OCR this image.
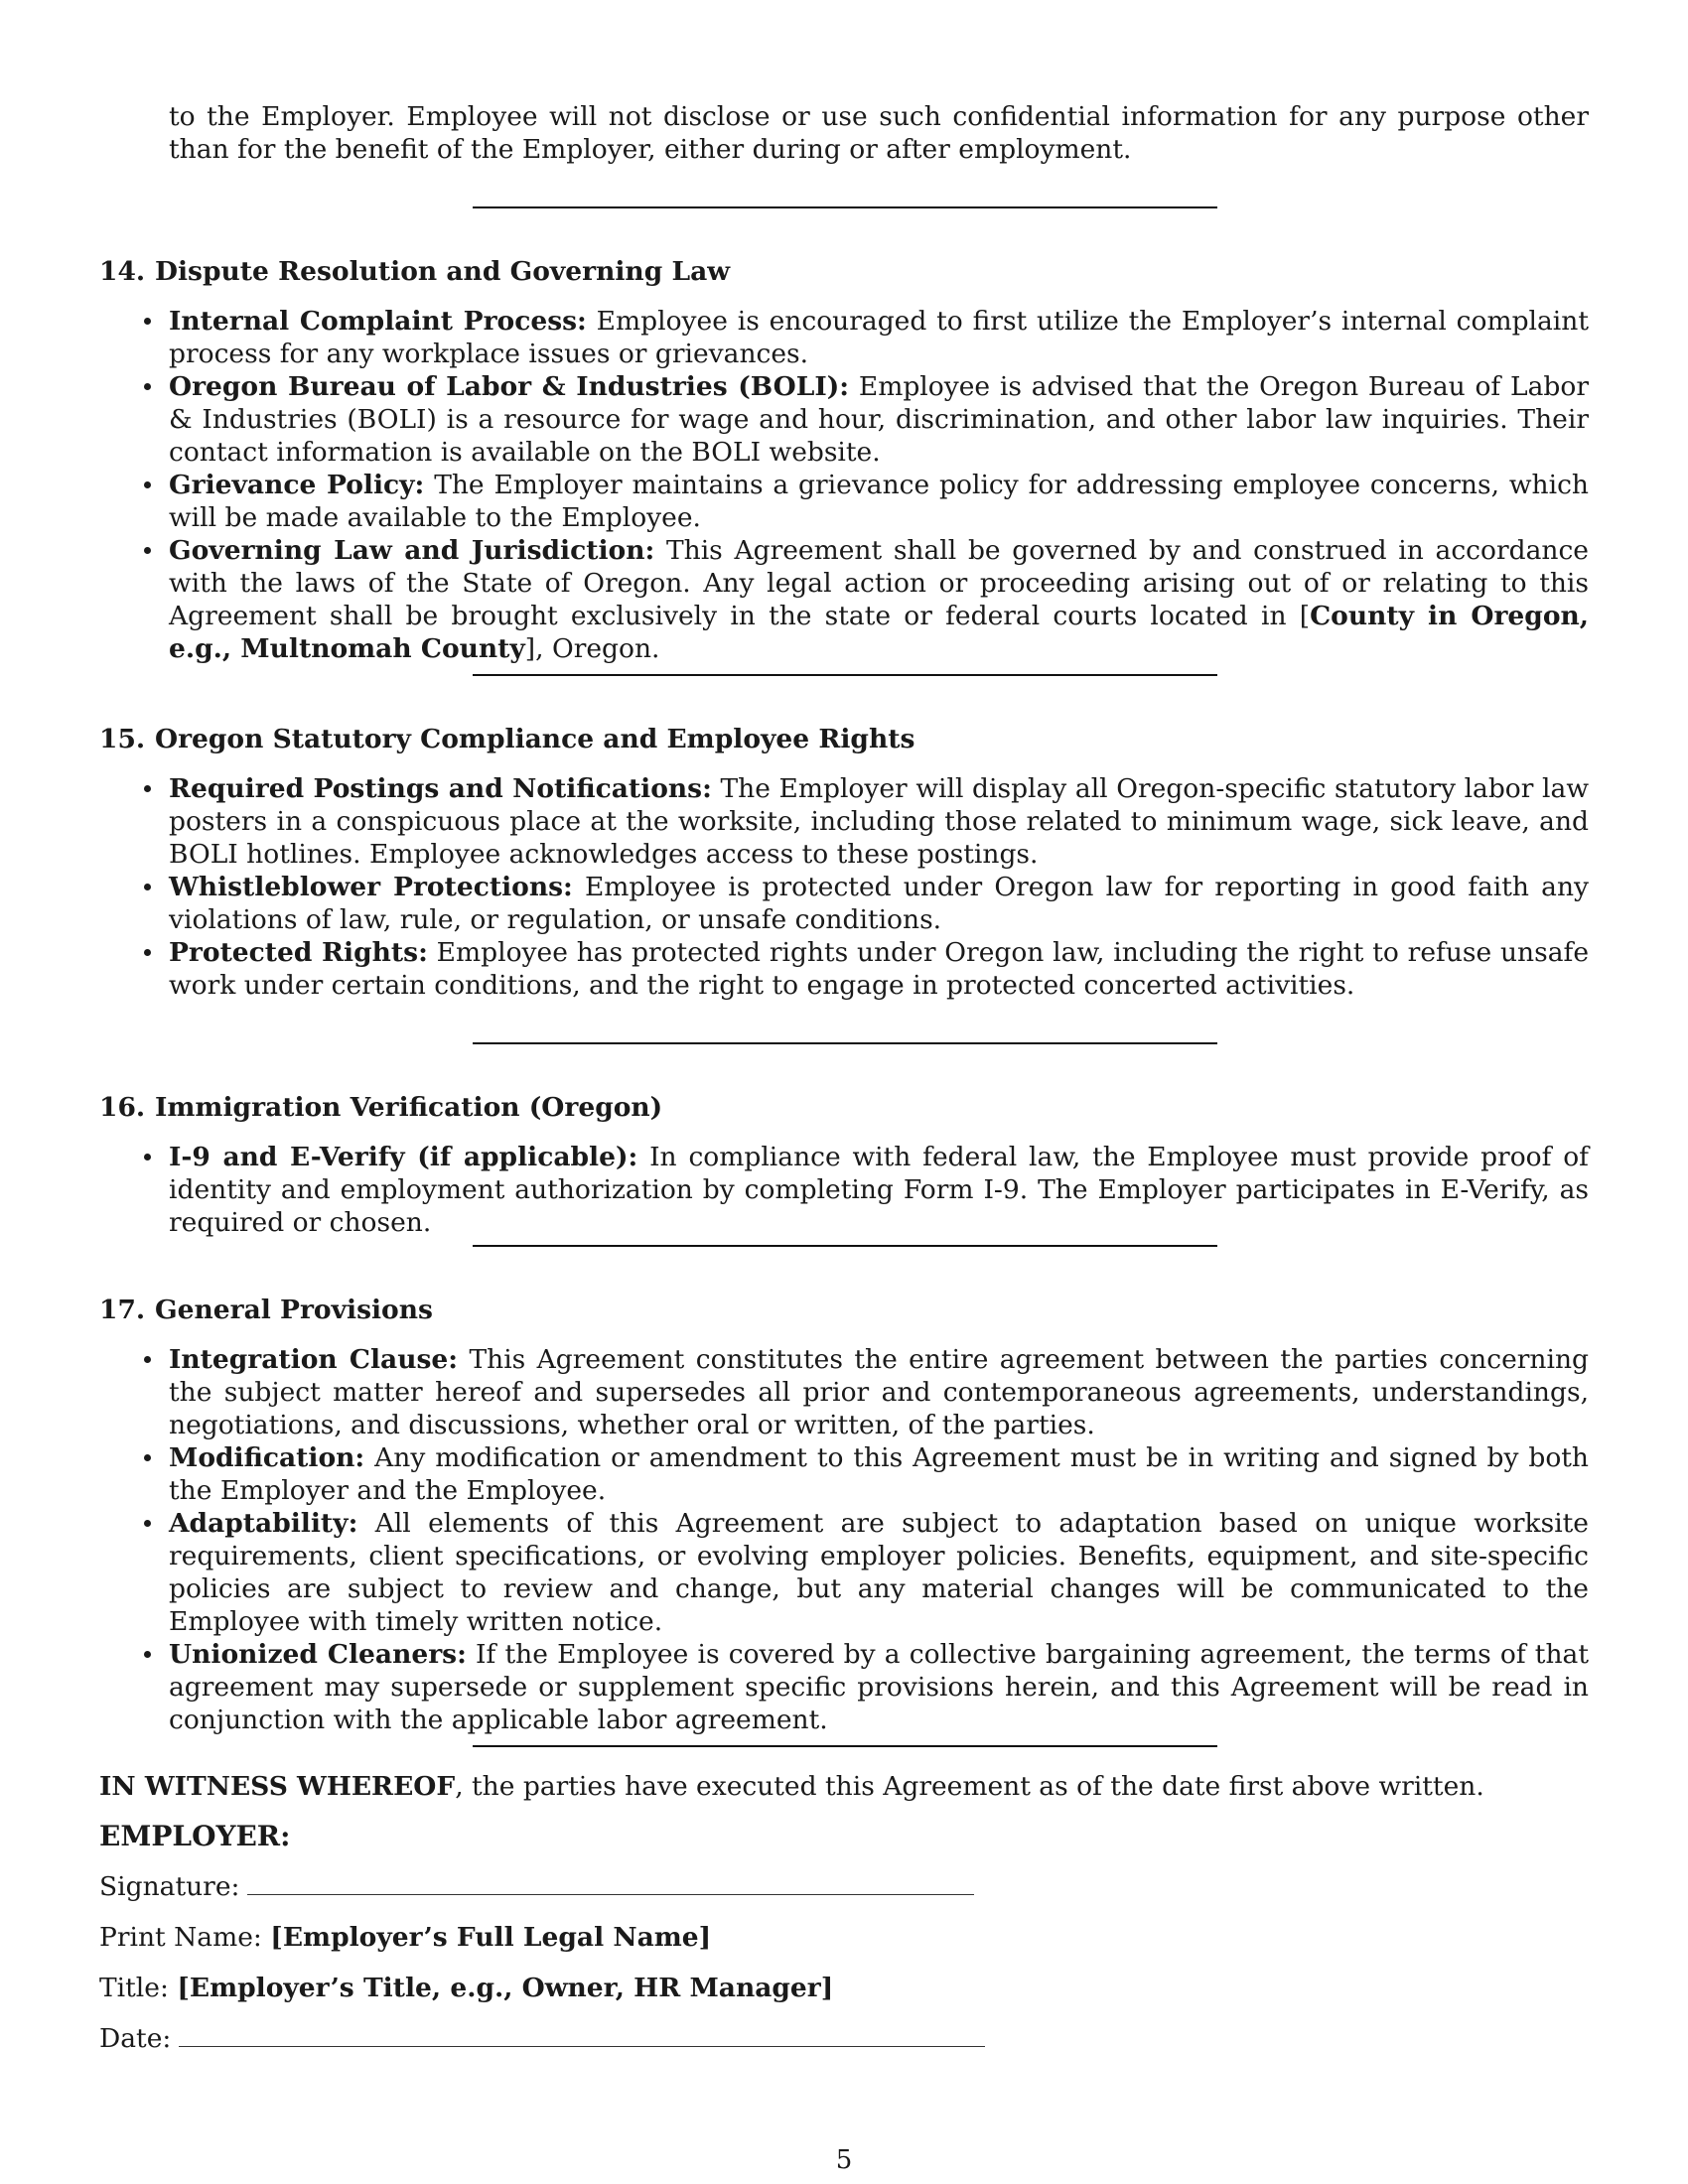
to the Employer. Employee will not disclose or use such confidential information for any purpose other than for the benefit of the Employer, either during or after employment.
14. Dispute Resolution and Governing Law
Internal Complaint Process: Employee is encouraged to first utilize the Employer’s internal complaint process for any workplace issues or grievances.
Oregon Bureau of Labor & Industries (BOLI): Employee is advised that the Oregon Bureau of Labor & Industries (BOLI) is a resource for wage and hour, discrimination, and other labor law inquiries. Their contact information is available on the BOLI website.
Grievance Policy: The Employer maintains a grievance policy for addressing employee concerns, which will be made available to the Employee.
Governing Law and Jurisdiction: This Agreement shall be governed by and construed in accordance with the laws of the State of Oregon. Any legal action or proceeding arising out of or relating to this Agreement shall be brought exclusively in the state or federal courts located in [County in Oregon, e.g., Multnomah County], Oregon.
15. Oregon Statutory Compliance and Employee Rights
Required Postings and Notifications: The Employer will display all Oregon-specific statutory labor law posters in a conspicuous place at the worksite, including those related to minimum wage, sick leave, and BOLI hotlines. Employee acknowledges access to these postings.
Whistleblower Protections: Employee is protected under Oregon law for reporting in good faith any violations of law, rule, or regulation, or unsafe conditions.
Protected Rights: Employee has protected rights under Oregon law, including the right to refuse unsafe work under certain conditions, and the right to engage in protected concerted activities.
16. Immigration Verification (Oregon)
I-9 and E-Verify (if applicable): In compliance with federal law, the Employee must provide proof of identity and employment authorization by completing Form I-9. The Employer participates in E-Verify, as required or chosen.
17. General Provisions
Integration Clause: This Agreement constitutes the entire agreement between the parties concerning the subject matter hereof and supersedes all prior and contemporaneous agreements, understandings, negotiations, and discussions, whether oral or written, of the parties.
Modification: Any modification or amendment to this Agreement must be in writing and signed by both the Employer and the Employee.
Adaptability: All elements of this Agreement are subject to adaptation based on unique worksite requirements, client specifications, or evolving employer policies. Benefits, equipment, and site-specific policies are subject to review and change, but any material changes will be communicated to the Employee with timely written notice.
Unionized Cleaners: If the Employee is covered by a collective bargaining agreement, the terms of that agreement may supersede or supplement specific provisions herein, and this Agreement will be read in conjunction with the applicable labor agreement.
IN WITNESS WHEREOF, the parties have executed this Agreement as of the date first above written.
EMPLOYER:
Signature:
Print Name: [Employer’s Full Legal Name]
Title: [Employer’s Title, e.g., Owner, HR Manager]
Date:
5
